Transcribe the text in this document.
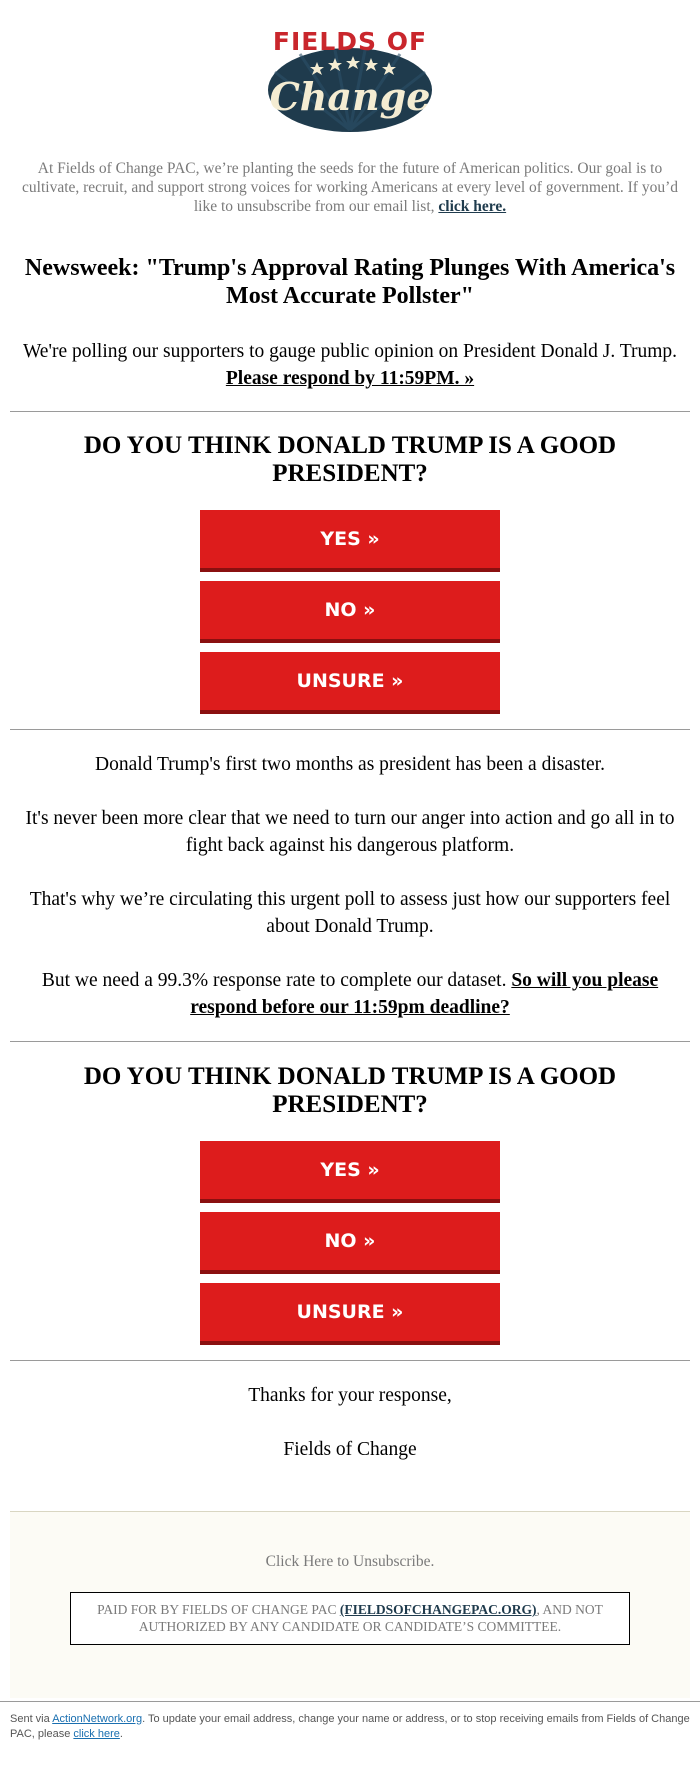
FIELDS OF
Change
At Fields of Change PAC, we’re planting the seeds for the future of American politics. Our goal is to cultivate, recruit, and support strong voices for working Americans at every level of government. If you’d like to unsubscribe from our email list, click here.
Newsweek: "Trump's Approval Rating Plunges With America's Most Accurate Pollster"
We're polling our supporters to gauge public opinion on President Donald J. Trump.
Please respond by 11:59PM. »
DO YOU THINK DONALD TRUMP IS A GOOD PRESIDENT?
YES »
NO »
UNSURE »
Donald Trump's first two months as president has been a disaster.
It's never been more clear that we need to turn our anger into action and go all in to fight back against his dangerous platform.
That's why we’re circulating this urgent poll to assess just how our supporters feel about Donald Trump.
But we need a 99.3% response rate to complete our dataset. So will you please respond before our 11:59pm deadline?
DO YOU THINK DONALD TRUMP IS A GOOD PRESIDENT?
YES »
NO »
UNSURE »
Thanks for your response,
Fields of Change
Click Here to Unsubscribe.
PAID FOR BY FIELDS OF CHANGE PAC (FIELDSOFCHANGEPAC.ORG), AND NOT AUTHORIZED BY ANY CANDIDATE OR CANDIDATE’S COMMITTEE.
Sent via ActionNetwork.org. To update your email address, change your name or address, or to stop receiving emails from Fields of Change PAC, please click here.
